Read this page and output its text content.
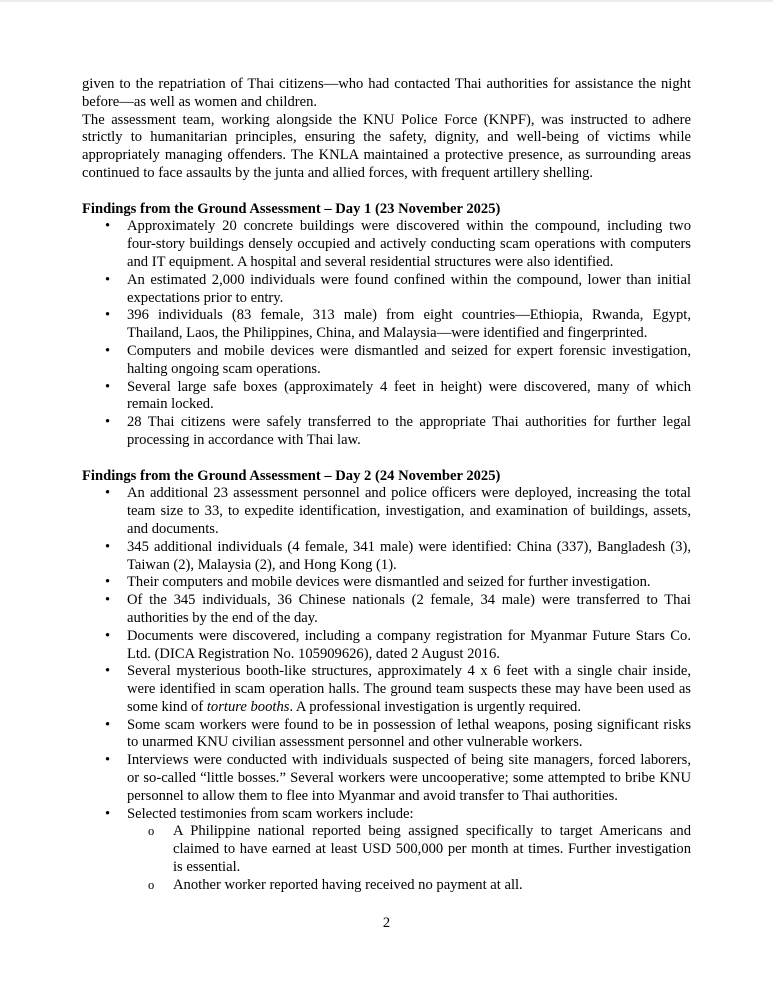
given to the repatriation of Thai citizens—who had contacted Thai authorities for assistance the night before—as well as women and children.

The assessment team, working alongside the KNU Police Force (KNPF), was instructed to adhere strictly to humanitarian principles, ensuring the safety, dignity, and well-being of victims while appropriately managing offenders. The KNLA maintained a protective presence, as surrounding areas continued to face assaults by the junta and allied forces, with frequent artillery shelling.

Findings from the Ground Assessment – Day 1 (23 November 2025)

• Approximately 20 concrete buildings were discovered within the compound, including two four-story buildings densely occupied and actively conducting scam operations with computers and IT equipment. A hospital and several residential structures were also identified.
• An estimated 2,000 individuals were found confined within the compound, lower than initial expectations prior to entry.
• 396 individuals (83 female, 313 male) from eight countries—Ethiopia, Rwanda, Egypt, Thailand, Laos, the Philippines, China, and Malaysia—were identified and fingerprinted.
• Computers and mobile devices were dismantled and seized for expert forensic investigation, halting ongoing scam operations.
• Several large safe boxes (approximately 4 feet in height) were discovered, many of which remain locked.
• 28 Thai citizens were safely transferred to the appropriate Thai authorities for further legal processing in accordance with Thai law.

Findings from the Ground Assessment – Day 2 (24 November 2025)

• An additional 23 assessment personnel and police officers were deployed, increasing the total team size to 33, to expedite identification, investigation, and examination of buildings, assets, and documents.
• 345 additional individuals (4 female, 341 male) were identified: China (337), Bangladesh (3), Taiwan (2), Malaysia (2), and Hong Kong (1).
• Their computers and mobile devices were dismantled and seized for further investigation.
• Of the 345 individuals, 36 Chinese nationals (2 female, 34 male) were transferred to Thai authorities by the end of the day.
• Documents were discovered, including a company registration for Myanmar Future Stars Co. Ltd. (DICA Registration No. 105909626), dated 2 August 2016.
• Several mysterious booth-like structures, approximately 4 x 6 feet with a single chair inside, were identified in scam operation halls. The ground team suspects these may have been used as some kind of torture booths. A professional investigation is urgently required.
• Some scam workers were found to be in possession of lethal weapons, posing significant risks to unarmed KNU civilian assessment personnel and other vulnerable workers.
• Interviews were conducted with individuals suspected of being site managers, forced laborers, or so-called “little bosses.” Several workers were uncooperative; some attempted to bribe KNU personnel to allow them to flee into Myanmar and avoid transfer to Thai authorities.
• Selected testimonies from scam workers include:
o A Philippine national reported being assigned specifically to target Americans and claimed to have earned at least USD 500,000 per month at times. Further investigation is essential.
o Another worker reported having received no payment at all.
2
